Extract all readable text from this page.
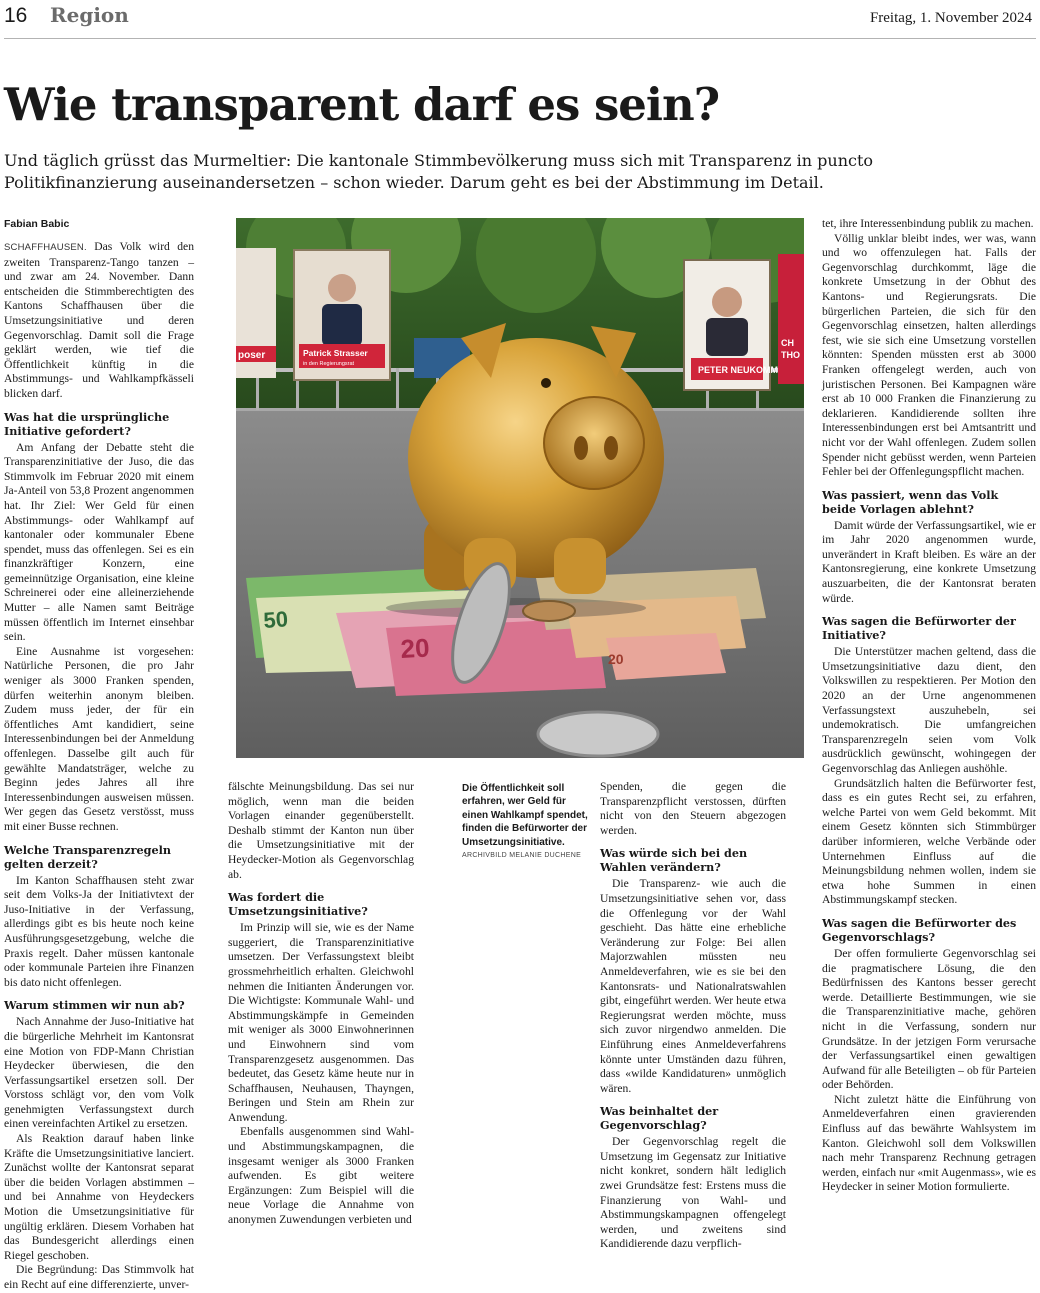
16 Region	Freitag, 1. November 2024
Wie transparent darf es sein?
Und täglich grüsst das Murmeltier: Die kantonale Stimmbevölkerung muss sich mit Transparenz in puncto Politikfinanzierung auseinandersetzen – schon wieder. Darum geht es bei der Abstimmung im Detail.
Fabian Babic

SCHAFFHAUSEN. Das Volk wird den zweiten Transparenz-Tango tanzen – und zwar am 24. November. Dann entscheiden die Stimmberechtigten des Kantons Schaffhausen über die Umsetzungsinitiative und deren Gegenvorschlag. Damit soll die Frage geklärt werden, wie tief die Öffentlichkeit künftig in die Abstimmungs- und Wahlkampfkässeli blicken darf.

Was hat die ursprüngliche Initiative gefordert?

Am Anfang der Debatte steht die Transparenzinitiative der Juso, die das Stimmvolk im Februar 2020 mit einem Ja-Anteil von 53,8 Prozent angenommen hat. Ihr Ziel: Wer Geld für einen Abstimmungs- oder Wahlkampf auf kantonaler oder kommunaler Ebene spendet, muss das offenlegen. Sei es ein finanzkräftiger Konzern, eine gemeinnützige Organisation, eine kleine Schreinerei oder eine alleinerziehende Mutter – alle Namen samt Beiträge müssen öffentlich im Internet einsehbar sein.

Eine Ausnahme ist vorgesehen: Natürliche Personen, die pro Jahr weniger als 3000 Franken spenden, dürfen weiterhin anonym bleiben. Zudem muss jeder, der für ein öffentliches Amt kandidiert, seine Interessenbindungen bei der Anmeldung offenlegen. Dasselbe gilt auch für gewählte Mandatsträger, welche zu Beginn jedes Jahres all ihre Interessenbindungen ausweisen müssen. Wer gegen das Gesetz verstösst, muss mit einer Busse rechnen.

Welche Transparenzregeln gelten derzeit?

Im Kanton Schaffhausen steht zwar seit dem Volks-Ja der Initiativtext der Juso-Initiative in der Verfassung, allerdings gibt es bis heute noch keine Ausführungsgesetzgebung, welche die Praxis regelt. Daher müssen kantonale oder kommunale Parteien ihre Finanzen bis dato nicht offenlegen.

Warum stimmen wir nun ab?

Nach Annahme der Juso-Initiative hat die bürgerliche Mehrheit im Kantonsrat eine Motion von FDP-Mann Christian Heydecker überwiesen, die den Verfassungsartikel ersetzen soll. Der Vorstoss schlägt vor, den vom Volk genehmigten Verfassungstext durch einen vereinfachten Artikel zu ersetzen.

Als Reaktion darauf haben linke Kräfte die Umsetzungsinitiative lanciert. Zunächst wollte der Kantonsrat separat über die beiden Vorlagen abstimmen – und bei Annahme von Heydeckers Motion die Umsetzungsinitiative für ungültig erklären. Diesem Vorhaben hat das Bundesgericht allerdings einen Riegel geschoben.

Die Begründung: Das Stimmvolk hat ein Recht auf eine differenzierte, unver-

poser	Patrick Strasser
in den Regierungsrat
PETER NEUKOMM
CH
THO
50
20	20

fälschte Meinungsbildung. Das sei nur möglich, wenn man die beiden Vorlagen einander gegenüberstellt. Deshalb stimmt der Kanton nun über die Umsetzungsinitiative mit der Heydecker-Motion als Gegenvorschlag ab.

Was fordert die Umsetzungsinitiative?

Im Prinzip will sie, wie es der Name suggeriert, die Transparenzinitiative umsetzen. Der Verfassungstext bleibt grossmehrheitlich erhalten. Gleichwohl nehmen die Initianten Änderungen vor. Die Wichtigste: Kommunale Wahl- und Abstimmungskämpfe in Gemeinden mit weniger als 3000 Einwohnerinnen und Einwohnern sind vom Transparenzgesetz ausgenommen. Das bedeutet, das Gesetz käme heute nur in Schaffhausen, Neuhausen, Thayngen, Beringen und Stein am Rhein zur Anwendung.

Ebenfalls ausgenommen sind Wahl- und Abstimmungskampagnen, die insgesamt weniger als 3000 Franken aufwenden. Es gibt weitere Ergänzungen: Zum Beispiel will die neue Vorlage die Annahme von anonymen Zuwendungen verbieten und

Die Öffentlichkeit soll erfahren, wer Geld für einen Wahlkampf spendet, finden die Befürworter der Umsetzungsinitiative.
ARCHIVBILD MELANIE DUCHENE

Spenden, die gegen die Transparenzpflicht verstossen, dürften nicht von den Steuern abgezogen werden.

Was würde sich bei den Wahlen verändern?

Die Transparenz- wie auch die Umsetzungsinitiative sehen vor, dass die Offenlegung vor der Wahl geschieht. Das hätte eine erhebliche Veränderung zur Folge: Bei allen Majorzwahlen müssten neu Anmeldeverfahren, wie es sie bei den Kantonsrats- und Nationalratswahlen gibt, eingeführt werden. Wer heute etwa Regierungsrat werden möchte, muss sich zuvor nirgendwo anmelden. Die Einführung eines Anmeldeverfahrens könnte unter Umständen dazu führen, dass «wilde Kandidaturen» unmöglich wären.

Was beinhaltet der Gegenvorschlag?

Der Gegenvorschlag regelt die Umsetzung im Gegensatz zur Initiative nicht konkret, sondern hält lediglich zwei Grundsätze fest: Erstens muss die Finanzierung von Wahl- und Abstimmungskampagnen offengelegt werden, und zweitens sind Kandidierende dazu verpflich-

tet, ihre Interessenbindung publik zu machen.

Völlig unklar bleibt indes, wer was, wann und wo offenzulegen hat. Falls der Gegenvorschlag durchkommt, läge die konkrete Umsetzung in der Obhut des Kantons- und Regierungsrats. Die bürgerlichen Parteien, die sich für den Gegenvorschlag einsetzen, halten allerdings fest, wie sie sich eine Umsetzung vorstellen könnten: Spenden müssten erst ab 3000 Franken offengelegt werden, auch von juristischen Personen. Bei Kampagnen wäre erst ab 10 000 Franken die Finanzierung zu deklarieren. Kandidierende sollten ihre Interessenbindungen erst bei Amtsantritt und nicht vor der Wahl offenlegen. Zudem sollen Spender nicht gebüsst werden, wenn Parteien Fehler bei der Offenlegungspflicht machen.

Was passiert, wenn das Volk beide Vorlagen ablehnt?

Damit würde der Verfassungsartikel, wie er im Jahr 2020 angenommen wurde, unverändert in Kraft bleiben. Es wäre an der Kantonsregierung, eine konkrete Umsetzung auszuarbeiten, die der Kantonsrat beraten würde.

Was sagen die Befürworter der Initiative?

Die Unterstützer machen geltend, dass die Umsetzungsinitiative dazu dient, den Volkswillen zu respektieren. Per Motion den 2020 an der Urne angenommenen Verfassungstext auszuhebeln, sei undemokratisch. Die umfangreichen Transparenzregeln seien vom Volk ausdrücklich gewünscht, wohingegen der Gegenvorschlag das Anliegen aushöhle.

Grundsätzlich halten die Befürworter fest, dass es ein gutes Recht sei, zu erfahren, welche Partei von wem Geld bekommt. Mit einem Gesetz könnten sich Stimmbürger darüber informieren, welche Verbände oder Unternehmen Einfluss auf die Meinungsbildung nehmen wollen, indem sie etwa hohe Summen in einen Abstimmungskampf stecken.

Was sagen die Befürworter des Gegenvorschlags?

Der offen formulierte Gegenvorschlag sei die pragmatischere Lösung, die den Bedürfnissen des Kantons besser gerecht werde. Detaillierte Bestimmungen, wie sie die Transparenzinitiative mache, gehören nicht in die Verfassung, sondern nur Grundsätze. In der jetzigen Form verursache der Verfassungsartikel einen gewaltigen Aufwand für alle Beteiligten – ob für Parteien oder Behörden.

Nicht zuletzt hätte die Einführung von Anmeldeverfahren einen gravierenden Einfluss auf das bewährte Wahlsystem im Kanton. Gleichwohl soll dem Volkswillen nach mehr Transparenz Rechnung getragen werden, einfach nur «mit Augenmass», wie es Heydecker in seiner Motion formulierte.
